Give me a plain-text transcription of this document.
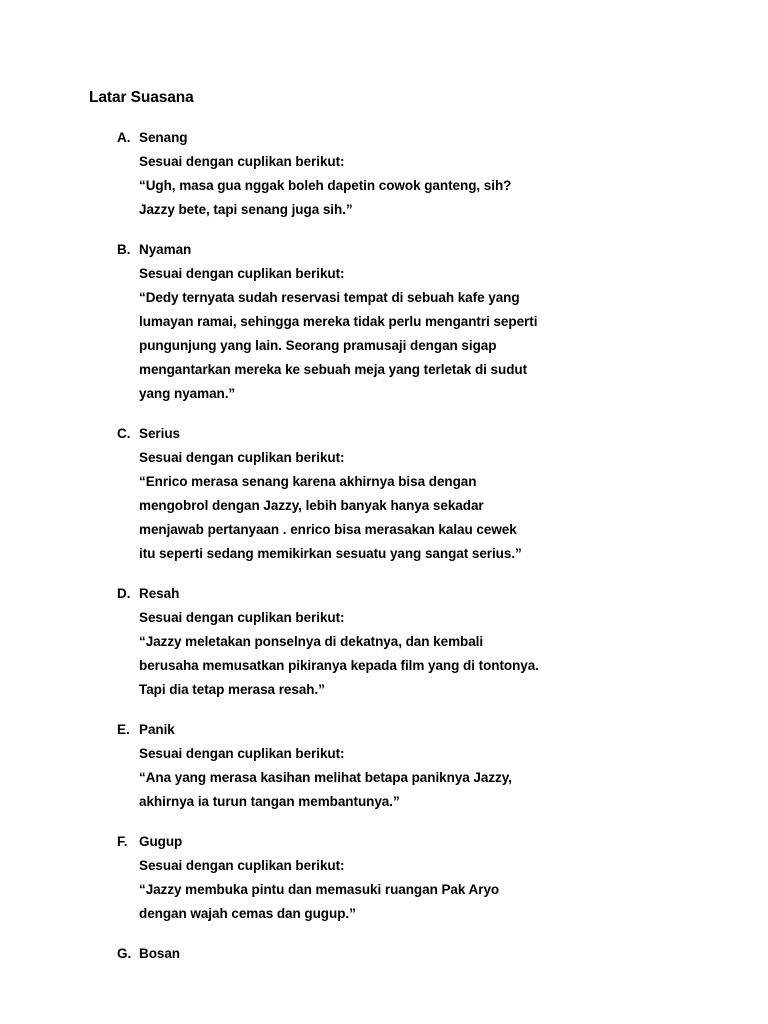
Latar Suasana
A. Senang
Sesuai dengan cuplikan berikut:
“Ugh, masa gua nggak boleh dapetin cowok ganteng, sih?
Jazzy bete, tapi senang juga sih.”
B. Nyaman
Sesuai dengan cuplikan berikut:
“Dedy ternyata sudah reservasi tempat di sebuah kafe yang
lumayan ramai, sehingga mereka tidak perlu mengantri seperti
pungunjung yang lain. Seorang pramusaji dengan sigap
mengantarkan mereka ke sebuah meja yang terletak di sudut
yang nyaman.”
C. Serius
Sesuai dengan cuplikan berikut:
“Enrico merasa senang karena akhirnya bisa dengan
mengobrol dengan Jazzy, lebih banyak hanya sekadar
menjawab pertanyaan . enrico bisa merasakan kalau cewek
itu seperti sedang memikirkan sesuatu yang sangat serius.”
D. Resah
Sesuai dengan cuplikan berikut:
“Jazzy meletakan ponselnya di dekatnya, dan kembali
berusaha memusatkan pikiranya kepada film yang di tontonya.
Tapi dia tetap merasa resah.”
E. Panik
Sesuai dengan cuplikan berikut:
“Ana yang merasa kasihan melihat betapa paniknya Jazzy,
akhirnya ia turun tangan membantunya.”
F. Gugup
Sesuai dengan cuplikan berikut:
“Jazzy membuka pintu dan memasuki ruangan Pak Aryo
dengan wajah cemas dan gugup.”
G. Bosan
